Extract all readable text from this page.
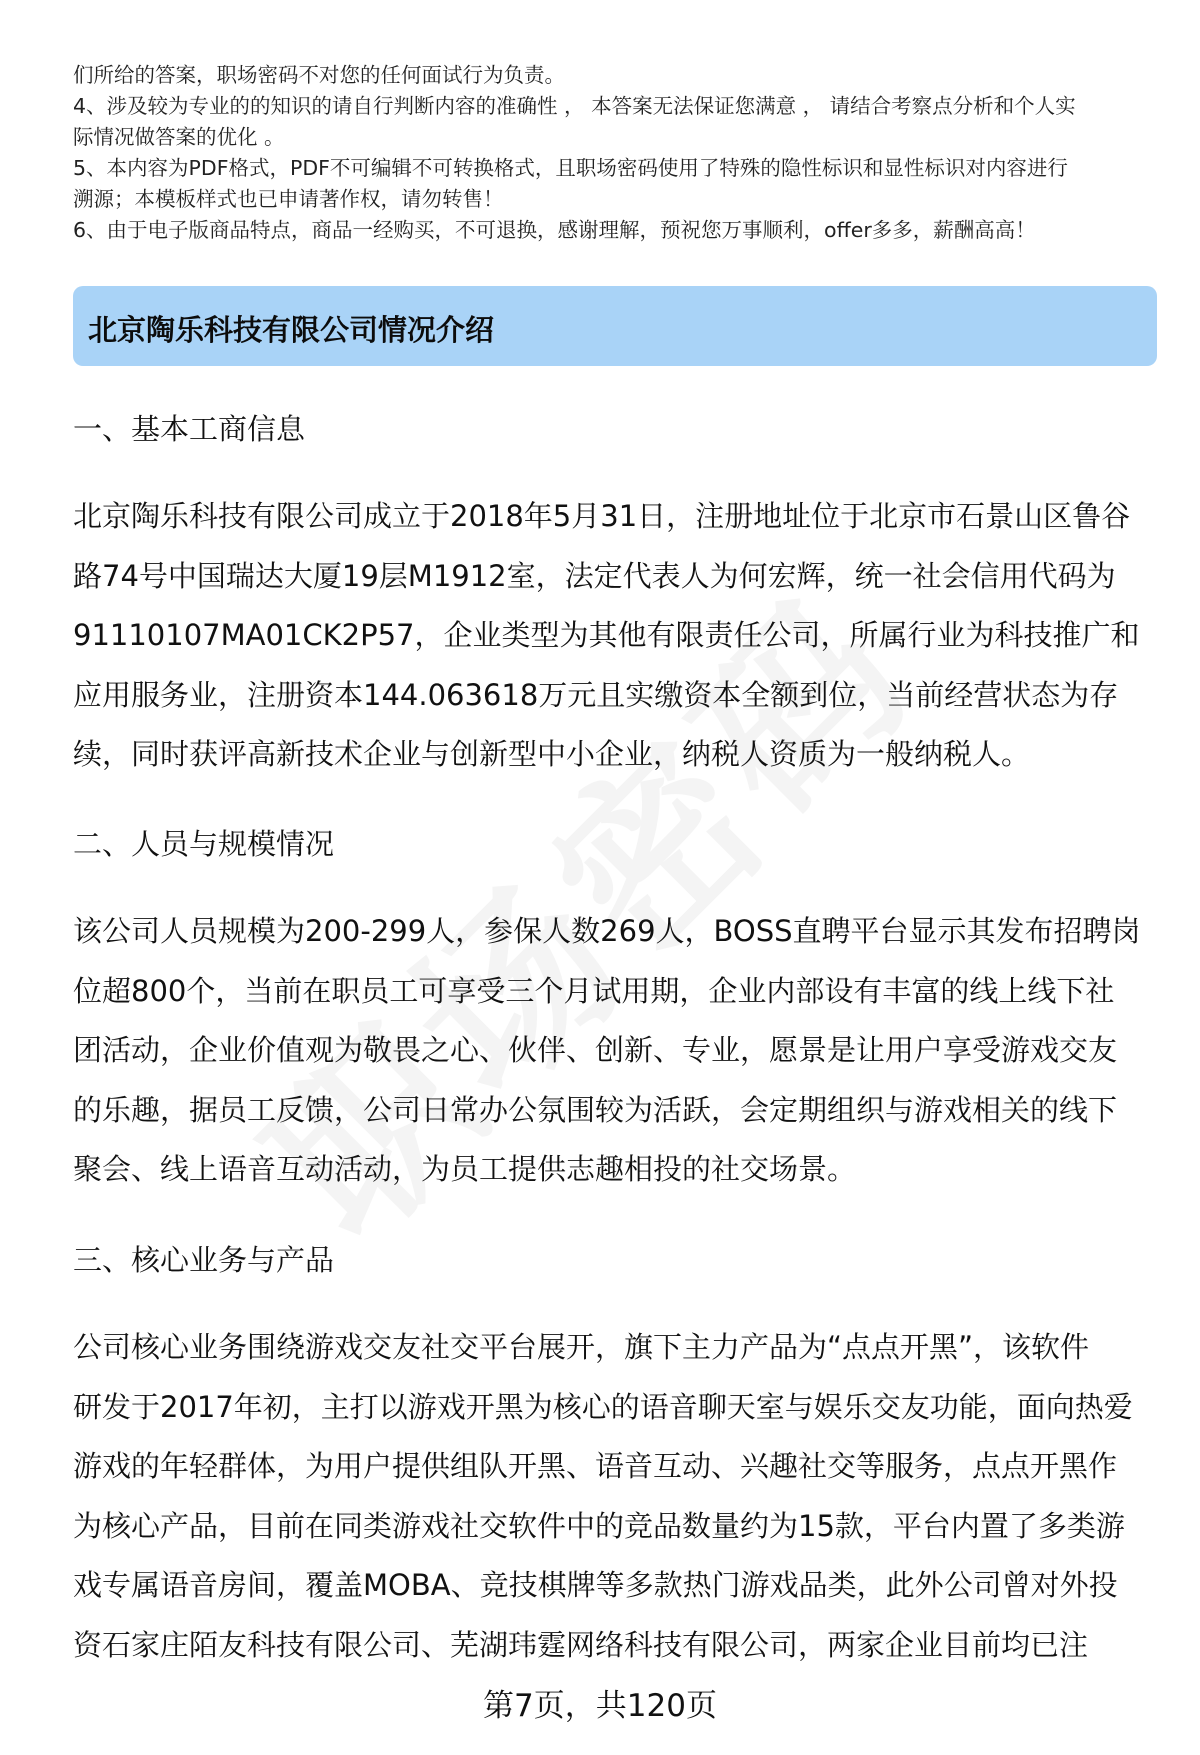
们所给的答案，职场密码不对您的任何面试行为负责。

4、涉及较为专业的的知识的请自行判断内容的准确性 ， 本答案无法保证您满意 ， 请结合考察点分析和个人实

际情况做答案的优化 。

5、本内容为PDF格式，PDF不可编辑不可转换格式，且职场密码使用了特殊的隐性标识和显性标识对内容进行

溯源；本模板样式也已申请著作权，请勿转售！

6、由于电子版商品特点，商品一经购买，不可退换，感谢理解，预祝您万事顺利，offer多多，薪酬高高！

北京陶乐科技有限公司情况介绍
一、基本工商信息

北京陶乐科技有限公司成立于2018年5月31日，注册地址位于北京市石景山区鲁谷

路74号中国瑞达大厦19层M1912室，法定代表人为何宏辉，统一社会信用代码为

91110107MA01CK2P57，企业类型为其他有限责任公司，所属行业为科技推广和

应用服务业，注册资本144.063618万元且实缴资本全额到位，当前经营状态为存

续，同时获评高新技术企业与创新型中小企业，纳税人资质为一般纳税人。

二、人员与规模情况

该公司人员规模为200-299人，参保人数269人，BOSS直聘平台显示其发布招聘岗

位超800个，当前在职员工可享受三个月试用期，企业内部设有丰富的线上线下社

团活动，企业价值观为敬畏之心、伙伴、创新、专业，愿景是让用户享受游戏交友

的乐趣，据员工反馈，公司日常办公氛围较为活跃，会定期组织与游戏相关的线下

聚会、线上语音互动活动，为员工提供志趣相投的社交场景。

三、核心业务与产品

公司核心业务围绕游戏交友社交平台展开，旗下主力产品为“点点开黑”，该软件

研发于2017年初，主打以游戏开黑为核心的语音聊天室与娱乐交友功能，面向热爱

游戏的年轻群体，为用户提供组队开黑、语音互动、兴趣社交等服务，点点开黑作

为核心产品，目前在同类游戏社交软件中的竞品数量约为15款，平台内置了多类游

戏专属语音房间，覆盖MOBA、竞技棋牌等多款热门游戏品类，此外公司曾对外投

资石家庄陌友科技有限公司、芜湖玮霆网络科技有限公司，两家企业目前均已注

第7页，共120页
